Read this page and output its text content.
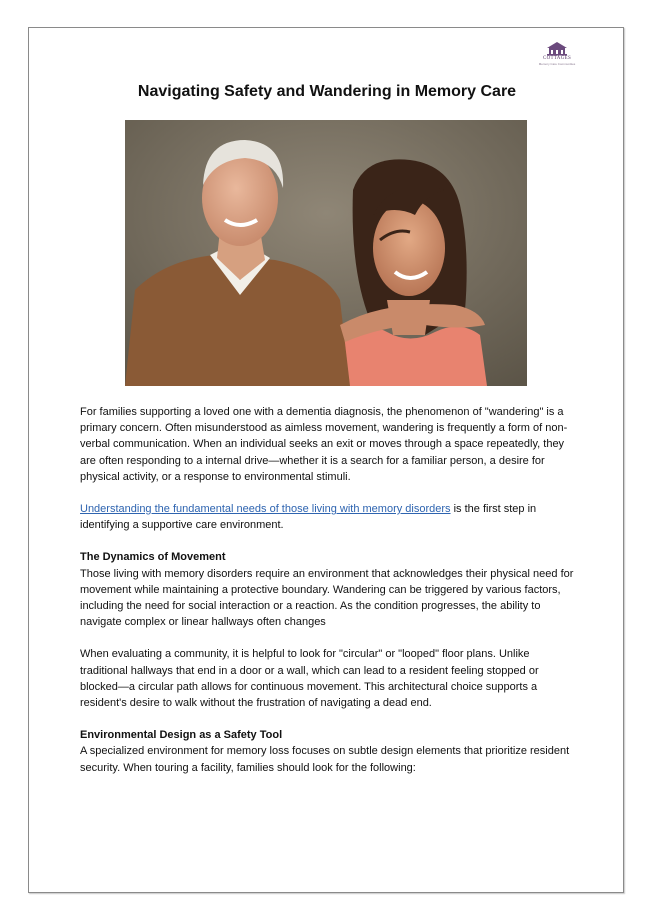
COTTAGES
Memory Care Communities
Navigating Safety and Wandering in Memory Care

For families supporting a loved one with a dementia diagnosis, the phenomenon of "wandering" is a primary concern. Often misunderstood as aimless movement, wandering is frequently a form of non-verbal communication. When an individual seeks an exit or moves through a space repeatedly, they are often responding to a internal drive—whether it is a search for a familiar person, a desire for physical activity, or a response to environmental stimuli.

Understanding the fundamental needs of those living with memory disorders is the first step in identifying a supportive care environment.

The Dynamics of Movement

Those living with memory disorders require an environment that acknowledges their physical need for movement while maintaining a protective boundary. Wandering can be triggered by various factors, including the need for social interaction or a reaction. As the condition progresses, the ability to navigate complex or linear hallways often changes

When evaluating a community, it is helpful to look for "circular" or "looped" floor plans. Unlike traditional hallways that end in a door or a wall, which can lead to a resident feeling stopped or blocked—a circular path allows for continuous movement. This architectural choice supports a resident's desire to walk without the frustration of navigating a dead end.

Environmental Design as a Safety Tool

A specialized environment for memory loss focuses on subtle design elements that prioritize resident security. When touring a facility, families should look for the following:
